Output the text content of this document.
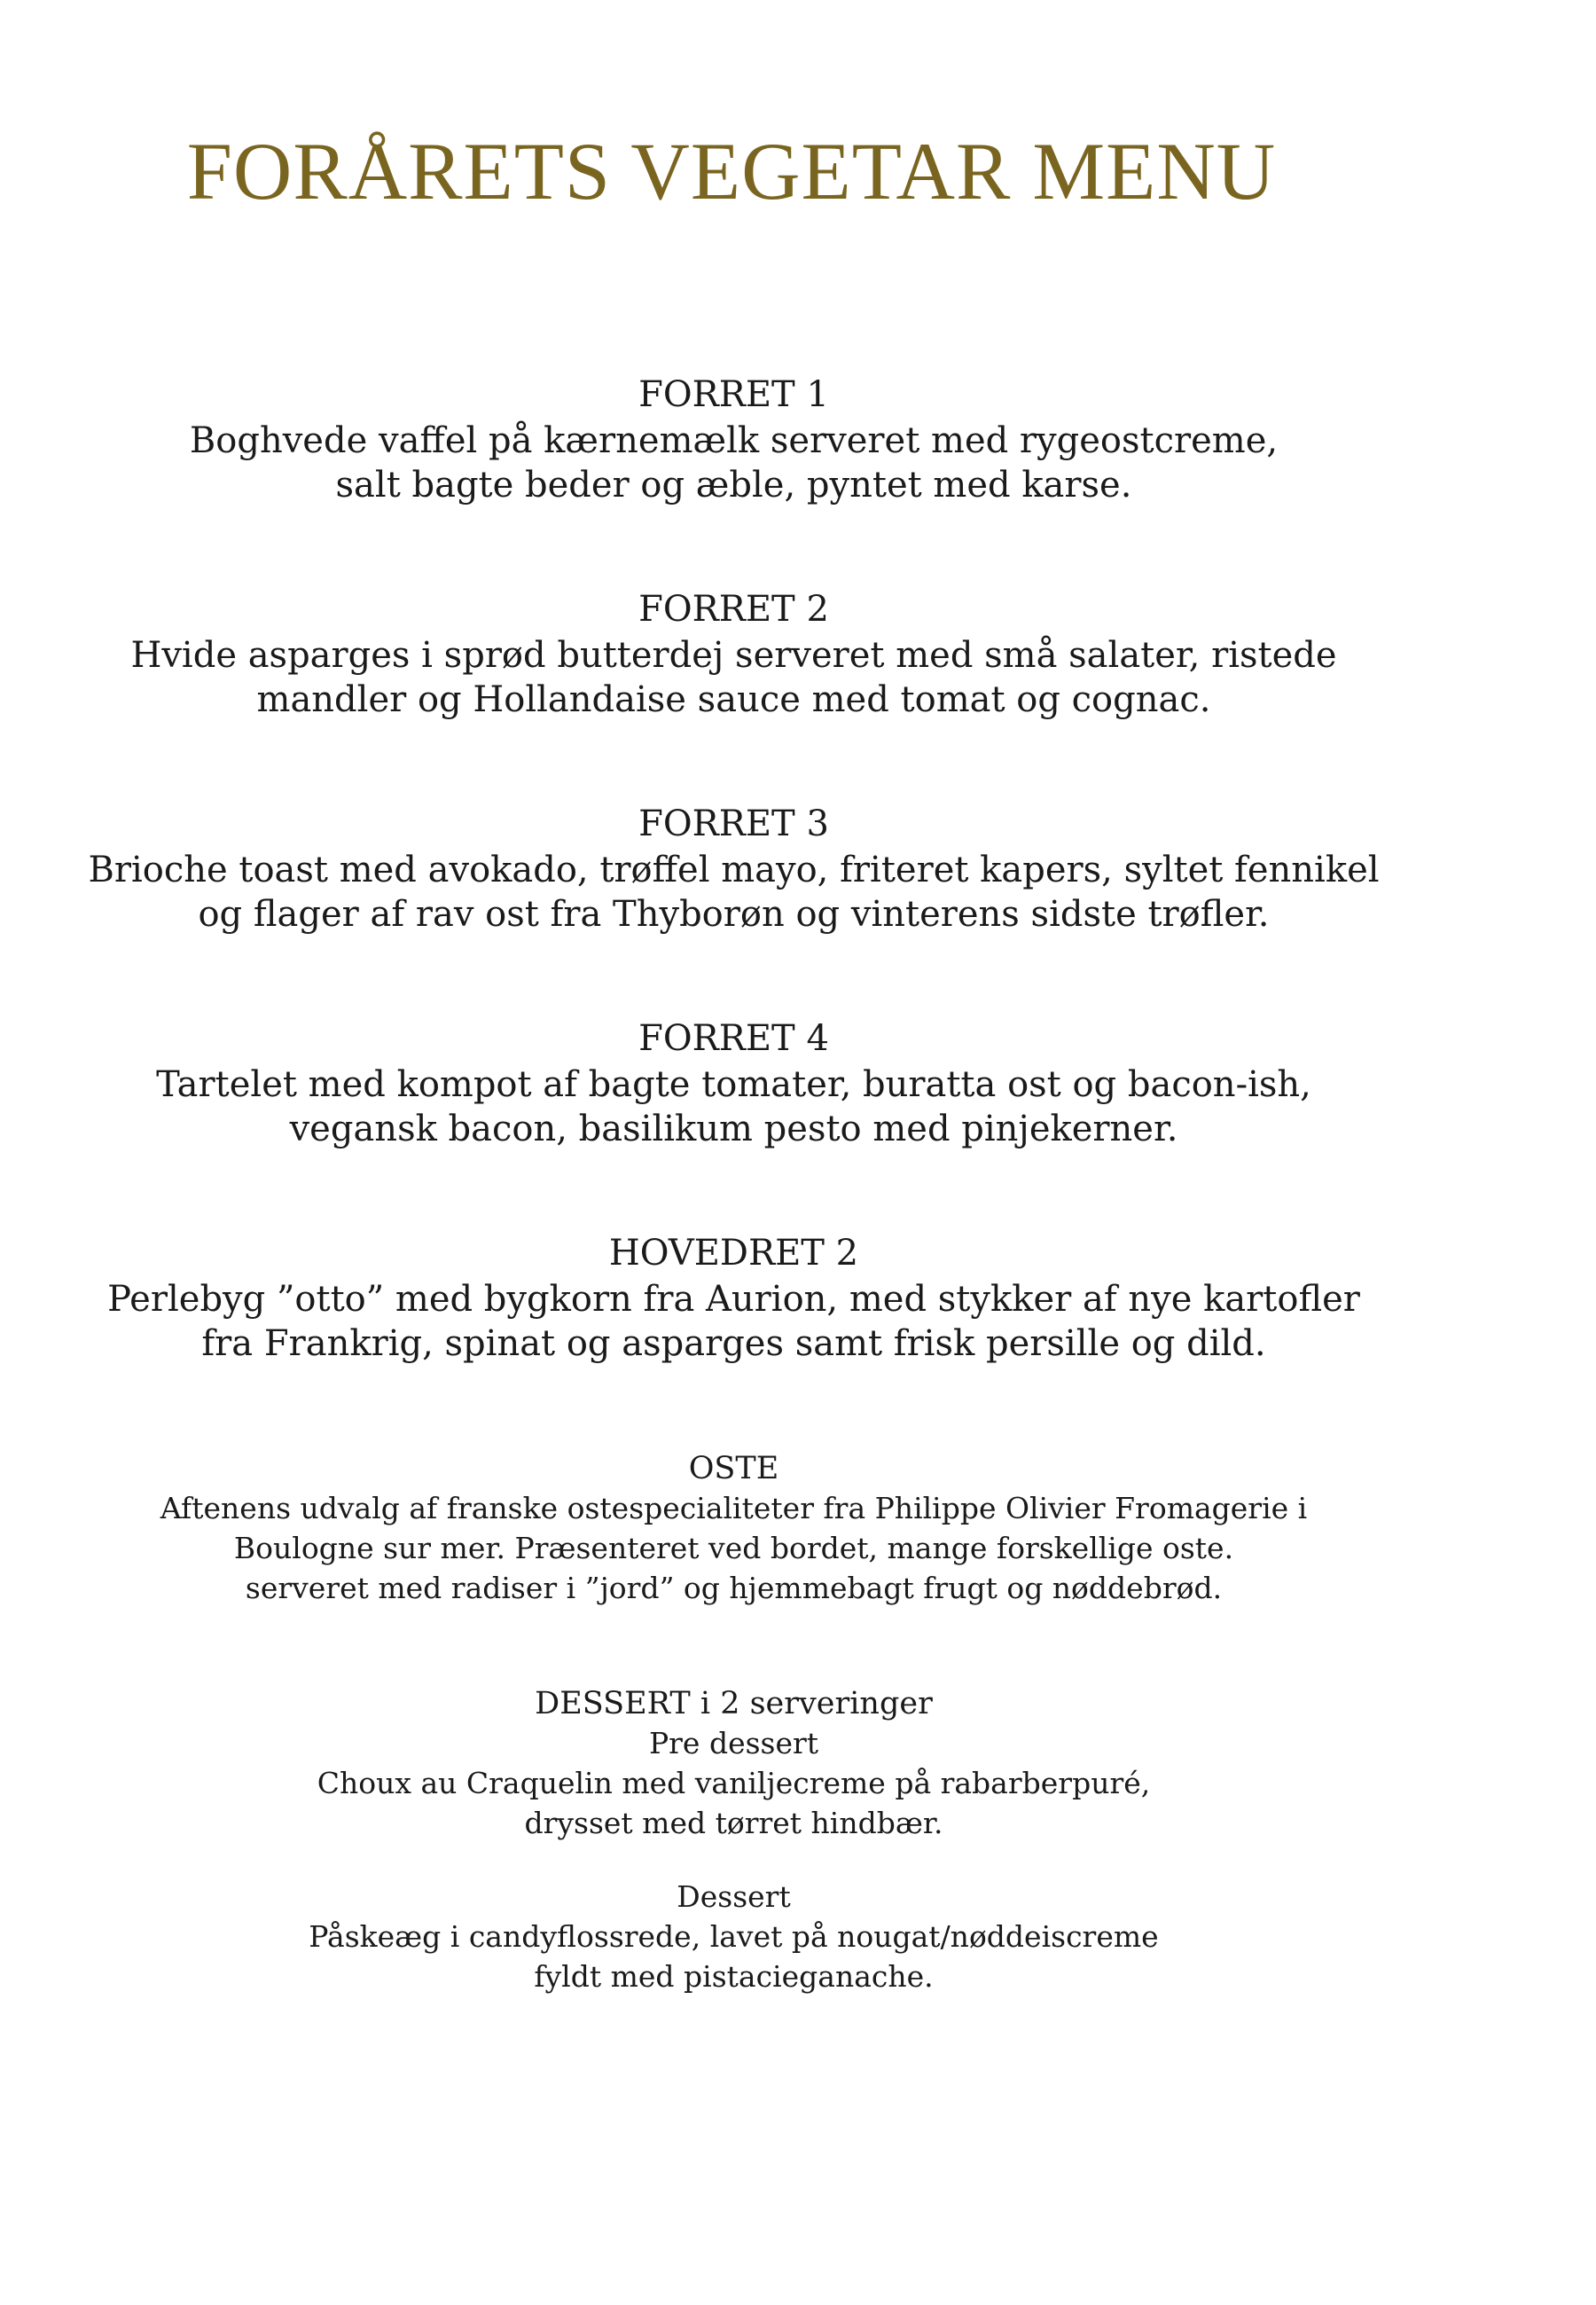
FORÅRETS VEGETAR MENU
FORRET 1
Boghvede vaffel på kærnemælk serveret med rygeostcreme,
salt bagte beder og æble, pyntet med karse.
FORRET 2
Hvide asparges i sprød butterdej serveret med små salater, ristede
mandler og Hollandaise sauce med tomat og cognac.
FORRET 3
Brioche toast med avokado, trøffel mayo, friteret kapers, syltet fennikel
og flager af rav ost fra Thyborøn og vinterens sidste trøfler.
FORRET 4
Tartelet med kompot af bagte tomater, buratta ost og bacon-ish,
vegansk bacon, basilikum pesto med pinjekerner.
HOVEDRET 2
Perlebyg ”otto” med bygkorn fra Aurion, med stykker af nye kartofler
fra Frankrig, spinat og asparges samt frisk persille og dild.
OSTE
Aftenens udvalg af franske ostespecialiteter fra Philippe Olivier Fromagerie i
Boulogne sur mer. Præsenteret ved bordet, mange forskellige oste.
serveret med radiser i ”jord” og hjemmebagt frugt og nøddebrød.
DESSERT i 2 serveringer
Pre dessert
Choux au Craquelin med vaniljecreme på rabarberpuré,
drysset med tørret hindbær.
Dessert
Påskeæg i candyflossrede, lavet på nougat/nøddeiscreme
fyldt med pistacieganache.
